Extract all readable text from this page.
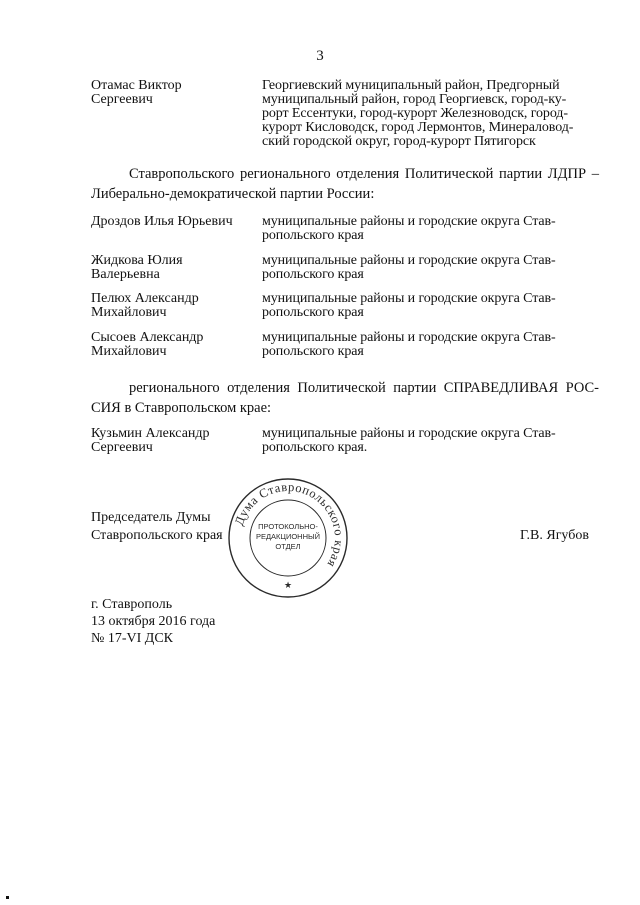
3
Отамас Виктор Сергеевич
Георгиевский муниципальный район, Предгорный
муниципальный район, город Георгиевск, город-ку-
рорт Ессентуки, город-курорт Железноводск, город-
курорт Кисловодск, город Лермонтов, Минераловод-
ский городской округ, город-курорт Пятигорск
Ставропольского регионального отделения Политической партии ЛДПР – Либерально-демократической партии России:
Дроздов Илья Юрьевич	муниципальные районы и городские округа Став-
ропольского края
Жидкова Юлия Валерьевна
муниципальные районы и городские округа Став-
ропольского края
Пелюх Александр Михайлович
муниципальные районы и городские округа Став-
ропольского края
Сысоев Александр Михайлович
муниципальные районы и городские округа Став-
ропольского края
регионального отделения Политической партии СПРАВЕДЛИВАЯ РОС-СИЯ в Ставропольском крае:
Кузьмин Александр Сергеевич
муниципальные районы и городские округа Став-
ропольского края.
Дума Ставропольского края
ПРОТОКОЛЬНО-
РЕДАКЦИОННЫЙ
ОТДЕЛ
★
Председатель Думы
Ставропольского края	Г.В. Ягубов
г. Ставрополь
13 октября 2016 года
№ 17-VI ДСК
